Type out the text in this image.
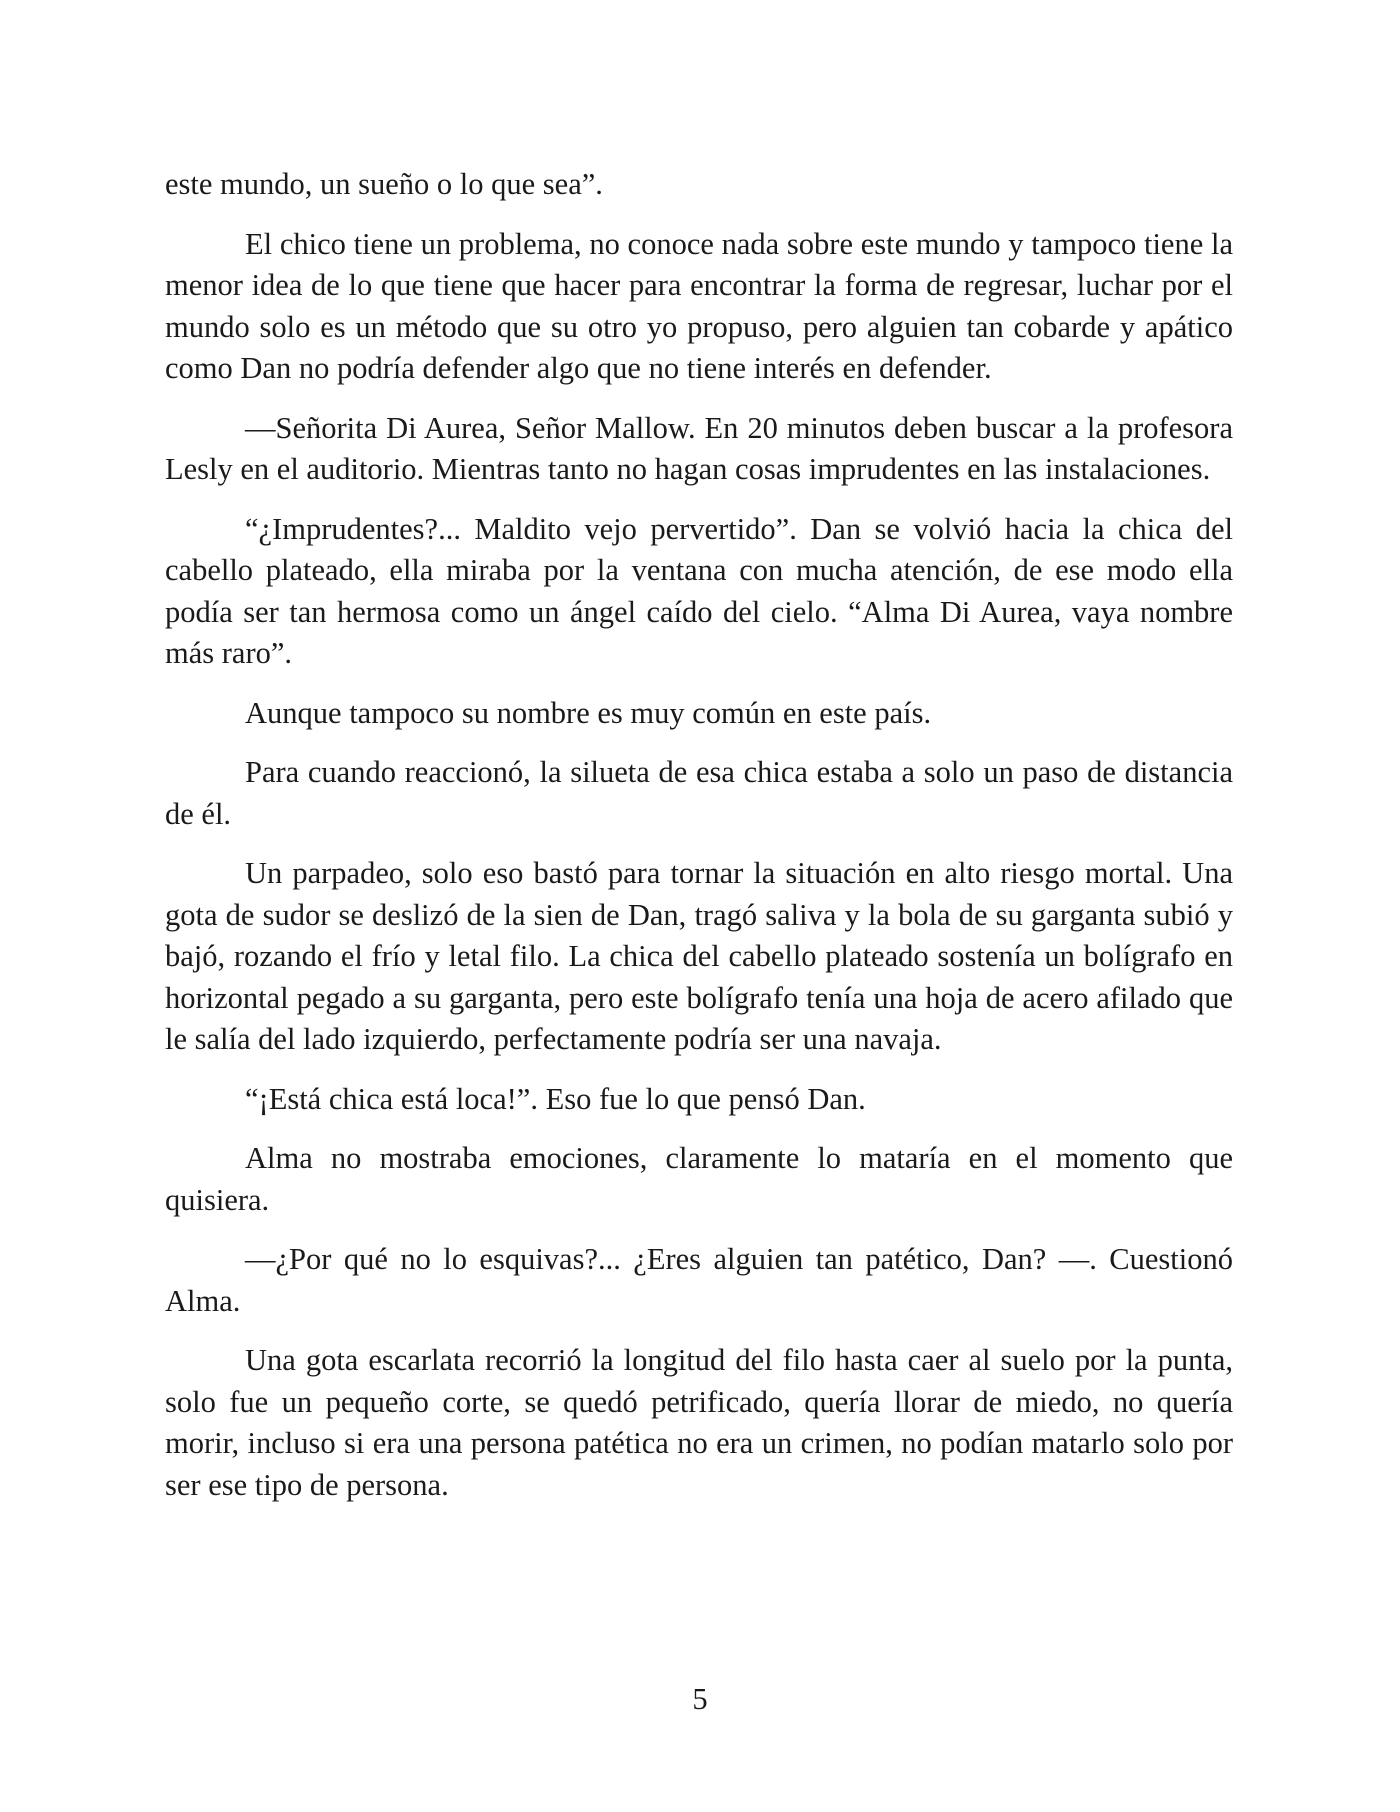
este mundo, un sueño o lo que sea”.

El chico tiene un problema, no conoce nada sobre este mundo y tampoco tiene la menor idea de lo que tiene que hacer para encontrar la forma de regresar, luchar por el mundo solo es un método que su otro yo propuso, pero alguien tan cobarde y apático como Dan no podría defender algo que no tiene interés en defender.

—Señorita Di Aurea, Señor Mallow. En 20 minutos deben buscar a la profesora Lesly en el auditorio. Mientras tanto no hagan cosas imprudentes en las instalaciones.

“¿Imprudentes?... Maldito vejo pervertido”. Dan se volvió hacia la chica del cabello plateado, ella miraba por la ventana con mucha atención, de ese modo ella podía ser tan hermosa como un ángel caído del cielo. “Alma Di Aurea, vaya nombre más raro”.

Aunque tampoco su nombre es muy común en este país.

Para cuando reaccionó, la silueta de esa chica estaba a solo un paso de distancia de él.

Un parpadeo, solo eso bastó para tornar la situación en alto riesgo mortal. Una gota de sudor se deslizó de la sien de Dan, tragó saliva y la bola de su garganta subió y bajó, rozando el frío y letal filo. La chica del cabello plateado sostenía un bolígrafo en horizontal pegado a su garganta, pero este bolígrafo tenía una hoja de acero afilado que le salía del lado izquierdo, perfectamente podría ser una navaja.

“¡Está chica está loca!”. Eso fue lo que pensó Dan.

Alma no mostraba emociones, claramente lo mataría en el momento que quisiera.

—¿Por qué no lo esquivas?... ¿Eres alguien tan patético, Dan? —. Cuestionó Alma.

Una gota escarlata recorrió la longitud del filo hasta caer al suelo por la punta, solo fue un pequeño corte, se quedó petrificado, quería llorar de miedo, no quería morir, incluso si era una persona patética no era un crimen, no podían matarlo solo por ser ese tipo de persona.

5
